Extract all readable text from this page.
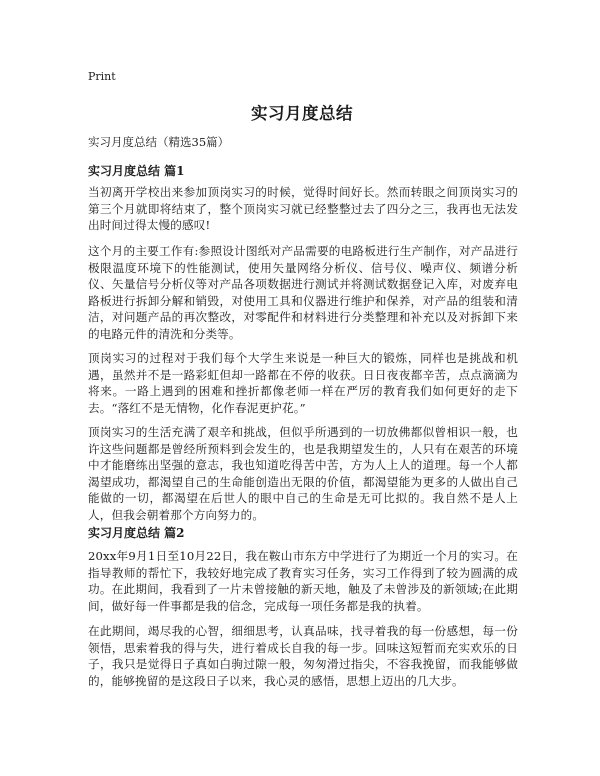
Print
实习月度总结
实习月度总结（精选35篇）
实习月度总结 篇1
当初离开学校出来参加顶岗实习的时候，觉得时间好长。然而转眼之间顶岗实习的第三个月就即将结束了，整个顶岗实习就已经整整过去了四分之三，我再也无法发出时间过得太慢的感叹!
这个月的主要工作有:参照设计图纸对产品需要的电路板进行生产制作，对产品进行极限温度环境下的性能测试，使用矢量网络分析仪、信号仪、噪声仪、频谱分析仪、矢量信号分析仪等对产品各项数据进行测试并将测试数据登记入库，对废弃电路板进行拆卸分解和销毁，对使用工具和仪器进行维护和保养，对产品的组装和清洁，对问题产品的再次整改，对零配件和材料进行分类整理和补充以及对拆卸下来的电路元件的清洗和分类等。
顶岗实习的过程对于我们每个大学生来说是一种巨大的锻炼，同样也是挑战和机遇，虽然并不是一路彩虹但却一路都在不停的收获。日日夜夜都辛苦，点点滴滴为将来。一路上遇到的困难和挫折都像老师一样在严厉的教育我们如何更好的走下去。“落红不是无情物，化作春泥更护花。”
顶岗实习的生活充满了艰辛和挑战，但似乎所遇到的一切放佛都似曾相识一般，也许这些问题都是曾经所预料到会发生的，也是我期望发生的，人只有在艰苦的环境中才能磨练出坚强的意志，我也知道吃得苦中苦，方为人上人的道理。每一个人都渴望成功，都渴望自己的生命能创造出无限的价值，都渴望能为更多的人做出自己能做的一切，都渴望在后世人的眼中自己的生命是无可比拟的。我自然不是人上人，但我会朝着那个方向努力的。
实习月度总结 篇2
20xx年9月1日至10月22日，我在鞍山市东方中学进行了为期近一个月的实习。在指导教师的帮忙下，我较好地完成了教育实习任务，实习工作得到了较为圆满的成功。在此期间，我看到了一片未曾接触的新天地，触及了未曾涉及的新领域;在此期间，做好每一件事都是我的信念，完成每一项任务都是我的执着。
在此期间，竭尽我的心智，细细思考，认真品味，找寻着我的每一份感想，每一份领悟，思索着我的得与失，进行着成长自我的每一步。回味这短暂而充实欢乐的日子，我只是觉得日子真如白驹过隙一般，匆匆滑过指尖，不容我挽留，而我能够做的，能够挽留的是这段日子以来，我心灵的感悟，思想上迈出的几大步。
